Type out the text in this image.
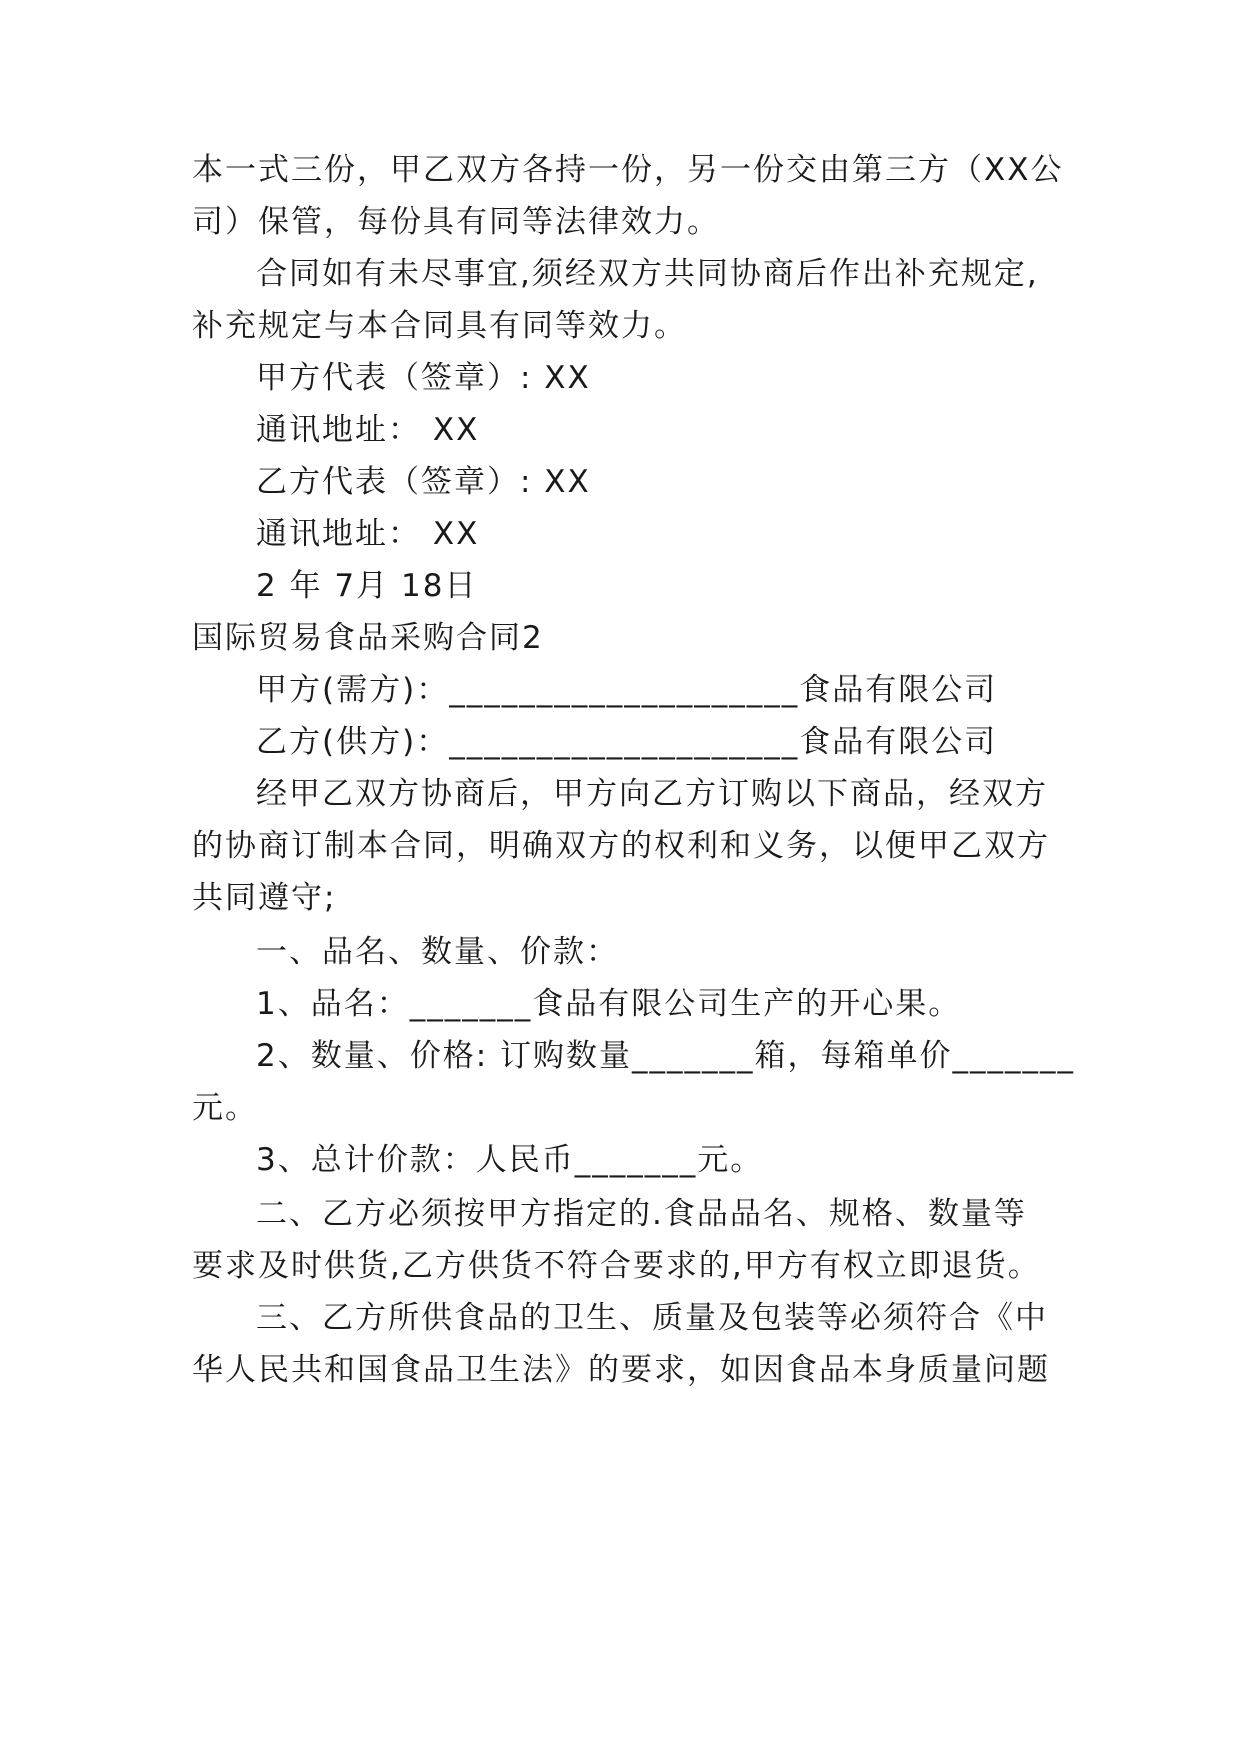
本一式三份，甲乙双方各持一份，另一份交由第三方（XX公
司）保管，每份具有同等法律效力。
合同如有未尽事宜,须经双方共同协商后作出补充规定,
补充规定与本合同具有同等效力。
甲方代表（签章）: XX
通讯地址： XX
乙方代表（签章）: XX
通讯地址： XX
2 年 7月 18日
国际贸易食品采购合同2
甲方(需方)：____________________食品有限公司
乙方(供方)：____________________食品有限公司
经甲乙双方协商后，甲方向乙方订购以下商品，经双方
的协商订制本合同，明确双方的权利和义务，以便甲乙双方
共同遵守;
一、品名、数量、价款：
1、品名：_______食品有限公司生产的开心果。
2、数量、价格: 订购数量_______箱，每箱单价_______
元。
3、总计价款：人民币_______元。
二、乙方必须按甲方指定的.食品品名、规格、数量等
要求及时供货,乙方供货不符合要求的,甲方有权立即退货。
三、乙方所供食品的卫生、质量及包装等必须符合《中
华人民共和国食品卫生法》的要求，如因食品本身质量问题
